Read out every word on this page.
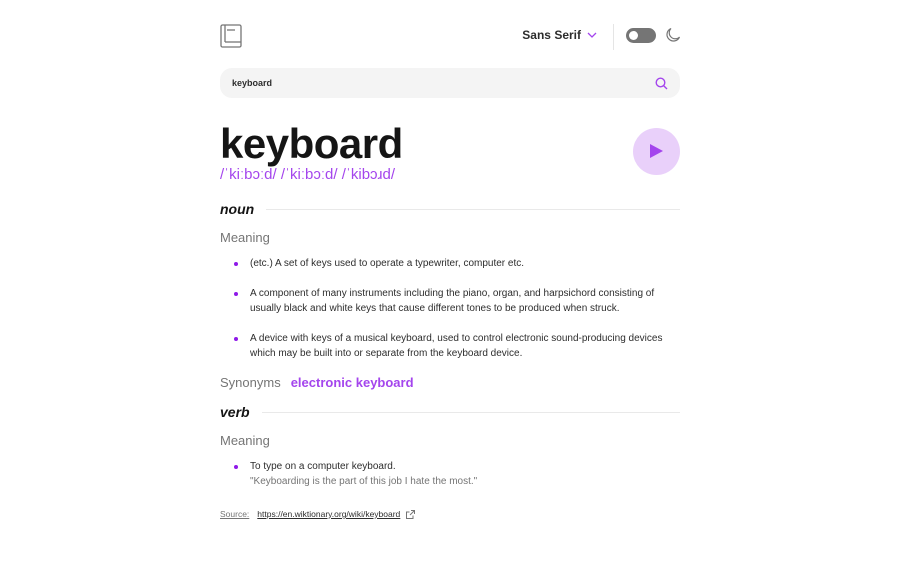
Sans Serif
keyboard
keyboard
/ˈkiːbɔːd/ /ˈkiːbɔːd/ /ˈkibɔɹd/
noun
Meaning
(etc.) A set of keys used to operate a typewriter, computer etc.
A component of many instruments including the piano, organ, and harpsichord consisting of usually black and white keys that cause different tones to be produced when struck.
A device with keys of a musical keyboard, used to control electronic sound-producing devices which may be built into or separate from the keyboard device.
Synonyms electronic keyboard
verb
Meaning
To type on a computer keyboard.
"Keyboarding is the part of this job I hate the most."
Source: https://en.wiktionary.org/wiki/keyboard
